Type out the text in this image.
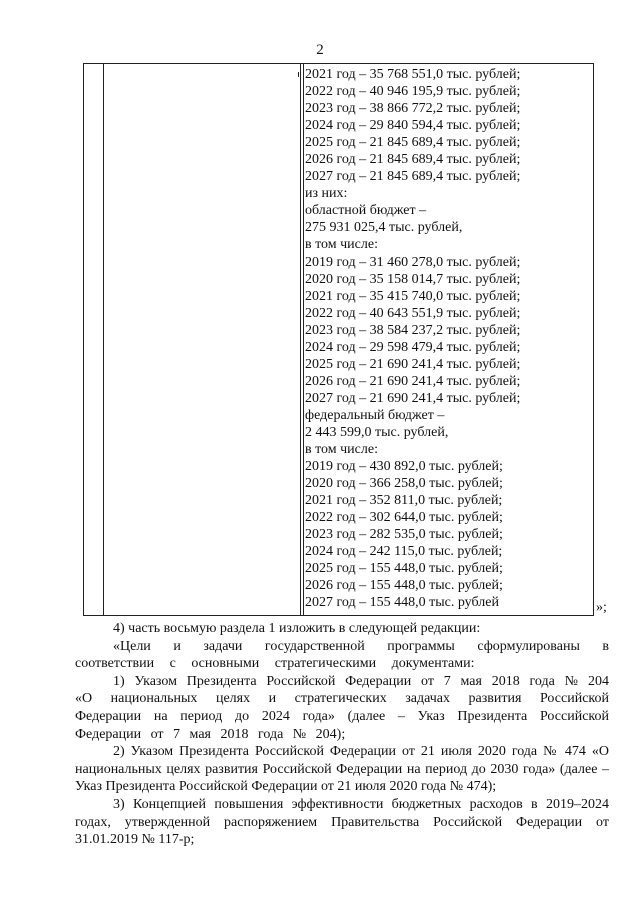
2
2021 год – 35 768 551,0 тыс. рублей;
2022 год – 40 946 195,9 тыс. рублей;
2023 год – 38 866 772,2 тыс. рублей;
2024 год – 29 840 594,4 тыс. рублей;
2025 год – 21 845 689,4 тыс. рублей;
2026 год – 21 845 689,4 тыс. рублей;
2027 год – 21 845 689,4 тыс. рублей;
из них:
областной бюджет –
275 931 025,4 тыс. рублей,
в том числе:
2019 год – 31 460 278,0 тыс. рублей;
2020 год – 35 158 014,7 тыс. рублей;
2021 год – 35 415 740,0 тыс. рублей;
2022 год – 40 643 551,9 тыс. рублей;
2023 год – 38 584 237,2 тыс. рублей;
2024 год – 29 598 479,4 тыс. рублей;
2025 год – 21 690 241,4 тыс. рублей;
2026 год – 21 690 241,4 тыс. рублей;
2027 год – 21 690 241,4 тыс. рублей;
федеральный бюджет –
2 443 599,0 тыс. рублей,
в том числе:
2019 год – 430 892,0 тыс. рублей;
2020 год – 366 258,0 тыс. рублей;
2021 год – 352 811,0 тыс. рублей;
2022 год – 302 644,0 тыс. рублей;
2023 год – 282 535,0 тыс. рублей;
2024 год – 242 115,0 тыс. рублей;
2025 год – 155 448,0 тыс. рублей;
2026 год – 155 448,0 тыс. рублей;
2027 год – 155 448,0 тыс. рублей	»;

4) часть восьмую раздела 1 изложить в следующей редакции:

«Цели и задачи государственной программы сформулированы в соответствии с основными стратегическими документами:

1) Указом Президента Российской Федерации от 7 мая 2018 года № 204 «О национальных целях и стратегических задачах развития Российской Федерации на период до 2024 года» (далее – Указ Президента Российской Федерации от 7 мая 2018 года № 204);

2) Указом Президента Российской Федерации от 21 июля 2020 года № 474 «О национальных целях развития Российской Федерации на период до 2030 года» (далее – Указ Президента Российской Федерации от 21 июля 2020 года № 474);

3) Концепцией повышения эффективности бюджетных расходов в 2019–2024 годах, утвержденной распоряжением Правительства Российской Федерации от 31.01.2019 № 117-р;
